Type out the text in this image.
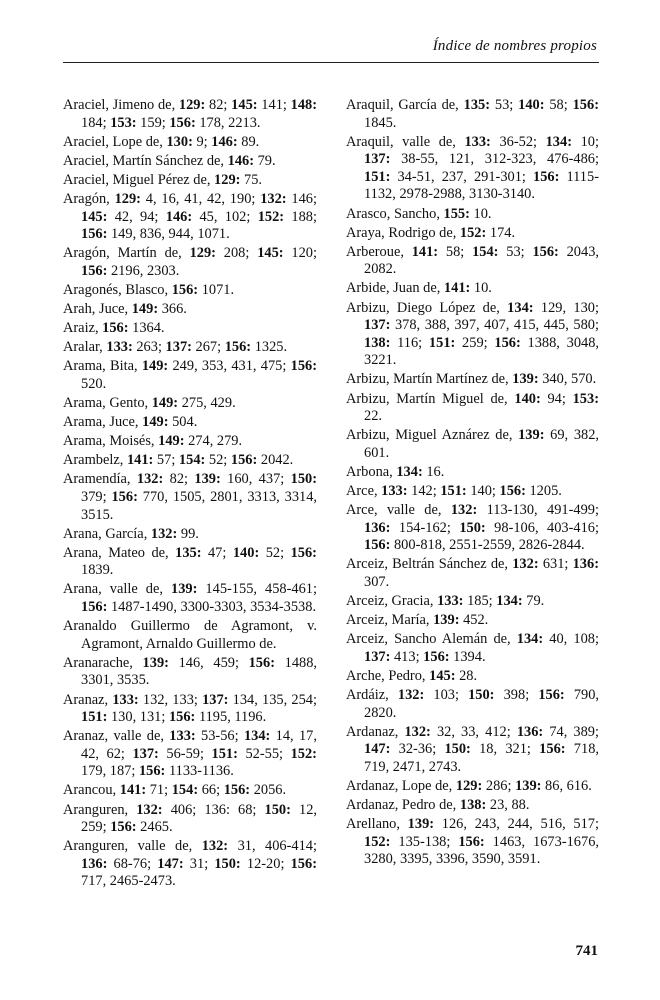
Índice de nombres propios
Araciel, Jimeno de, 129: 82; 145: 141; 148: 184; 153: 159; 156: 178, 2213.
Araciel, Lope de, 130: 9; 146: 89.
Araciel, Martín Sánchez de, 146: 79.
Araciel, Miguel Pérez de, 129: 75.
Aragón, 129: 4, 16, 41, 42, 190; 132: 146; 145: 42, 94; 146: 45, 102; 152: 188; 156: 149, 836, 944, 1071.
Aragón, Martín de, 129: 208; 145: 120; 156: 2196, 2303.
Aragonés, Blasco, 156: 1071.
Arah, Juce, 149: 366.
Araiz, 156: 1364.
Aralar, 133: 263; 137: 267; 156: 1325.
Arama, Bita, 149: 249, 353, 431, 475; 156: 520.
Arama, Gento, 149: 275, 429.
Arama, Juce, 149: 504.
Arama, Moisés, 149: 274, 279.
Arambelz, 141: 57; 154: 52; 156: 2042.
Aramendía, 132: 82; 139: 160, 437; 150: 379; 156: 770, 1505, 2801, 3313, 3314, 3515.
Arana, García, 132: 99.
Arana, Mateo de, 135: 47; 140: 52; 156: 1839.
Arana, valle de, 139: 145-155, 458-461; 156: 1487-1490, 3300-3303, 3534-3538.
Aranaldo Guillermo de Agramont, v. Agramont, Arnaldo Guillermo de.
Aranarache, 139: 146, 459; 156: 1488, 3301, 3535.
Aranaz, 133: 132, 133; 137: 134, 135, 254; 151: 130, 131; 156: 1195, 1196.
Aranaz, valle de, 133: 53-56; 134: 14, 17, 42, 62; 137: 56-59; 151: 52-55; 152: 179, 187; 156: 1133-1136.
Arancou, 141: 71; 154: 66; 156: 2056.
Aranguren, 132: 406; 136: 68; 150: 12, 259; 156: 2465.
Aranguren, valle de, 132: 31, 406-414; 136: 68-76; 147: 31; 150: 12-20; 156: 717, 2465-2473.
Araquil, García de, 135: 53; 140: 58; 156: 1845.
Araquil, valle de, 133: 36-52; 134: 10; 137: 38-55, 121, 312-323, 476-486; 151: 34-51, 237, 291-301; 156: 1115-1132, 2978-2988, 3130-3140.
Arasco, Sancho, 155: 10.
Araya, Rodrigo de, 152: 174.
Arberoue, 141: 58; 154: 53; 156: 2043, 2082.
Arbide, Juan de, 141: 10.
Arbizu, Diego López de, 134: 129, 130; 137: 378, 388, 397, 407, 415, 445, 580; 138: 116; 151: 259; 156: 1388, 3048, 3221.
Arbizu, Martín Martínez de, 139: 340, 570.
Arbizu, Martín Miguel de, 140: 94; 153: 22.
Arbizu, Miguel Aznárez de, 139: 69, 382, 601.
Arbona, 134: 16.
Arce, 133: 142; 151: 140; 156: 1205.
Arce, valle de, 132: 113-130, 491-499; 136: 154-162; 150: 98-106, 403-416; 156: 800-818, 2551-2559, 2826-2844.
Arceiz, Beltrán Sánchez de, 132: 631; 136: 307.
Arceiz, Gracia, 133: 185; 134: 79.
Arceiz, María, 139: 452.
Arceiz, Sancho Alemán de, 134: 40, 108; 137: 413; 156: 1394.
Arche, Pedro, 145: 28.
Ardáiz, 132: 103; 150: 398; 156: 790, 2820.
Ardanaz, 132: 32, 33, 412; 136: 74, 389; 147: 32-36; 150: 18, 321; 156: 718, 719, 2471, 2743.
Ardanaz, Lope de, 129: 286; 139: 86, 616.
Ardanaz, Pedro de, 138: 23, 88.
Arellano, 139: 126, 243, 244, 516, 517; 152: 135-138; 156: 1463, 1673-1676, 3280, 3395, 3396, 3590, 3591.
741
